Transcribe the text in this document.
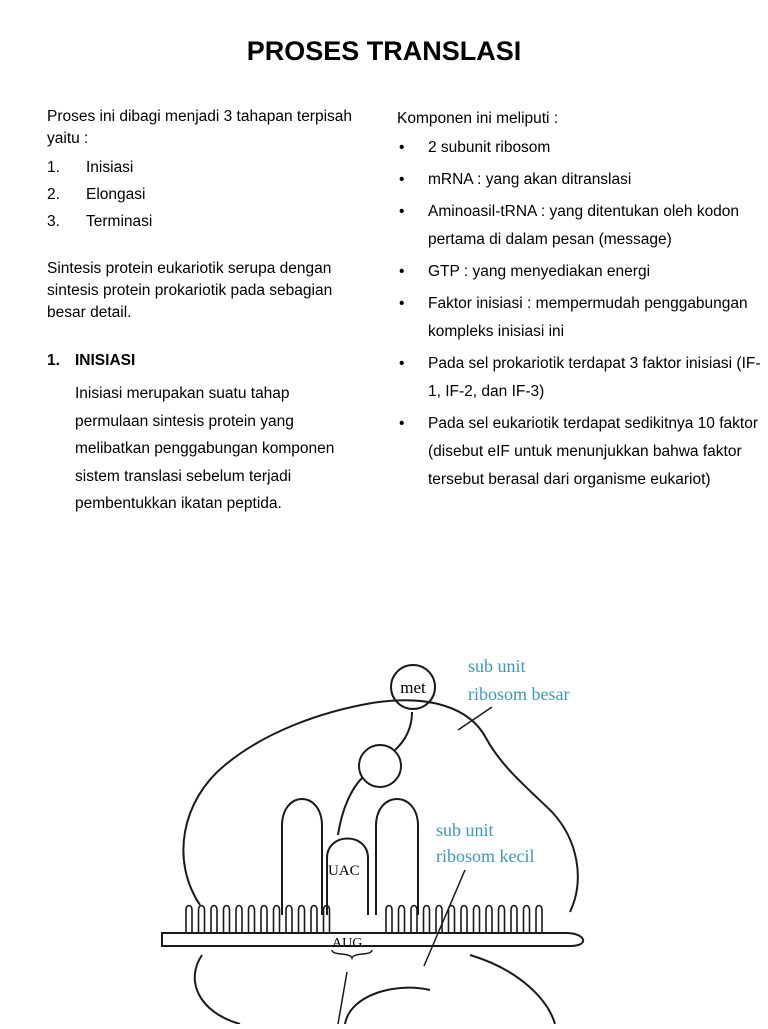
PROSES TRANSLASI

Proses ini dibagi menjadi 3 tahapan terpisah yaitu :

1.	Inisiasi
2.	Elongasi
3.	Terminasi

Sintesis protein eukariotik serupa dengan sintesis protein prokariotik pada sebagian besar detail.

1. INISIASI

Inisiasi merupakan suatu tahap permulaan sintesis protein yang melibatkan penggabungan komponen sistem translasi sebelum terjadi pembentukkan ikatan peptida.

Komponen ini meliputi :

•	2 subunit ribosom
•	mRNA : yang akan ditranslasi
•	Aminoasil-tRNA : yang ditentukan oleh kodon pertama di dalam pesan (message)
•	GTP : yang menyediakan energi
•	Faktor inisiasi : mempermudah penggabungan kompleks inisiasi ini
•	Pada sel prokariotik terdapat 3 faktor inisiasi (IF-1, IF-2, dan IF-3)
•	Pada sel eukariotik terdapat sedikitnya 10 faktor (disebut eIF untuk menunjukkan bahwa faktor tersebut berasal dari organisme eukariot)
met
UAC
AUG
sub unit
ribosom besar
sub unit
ribosom kecil
